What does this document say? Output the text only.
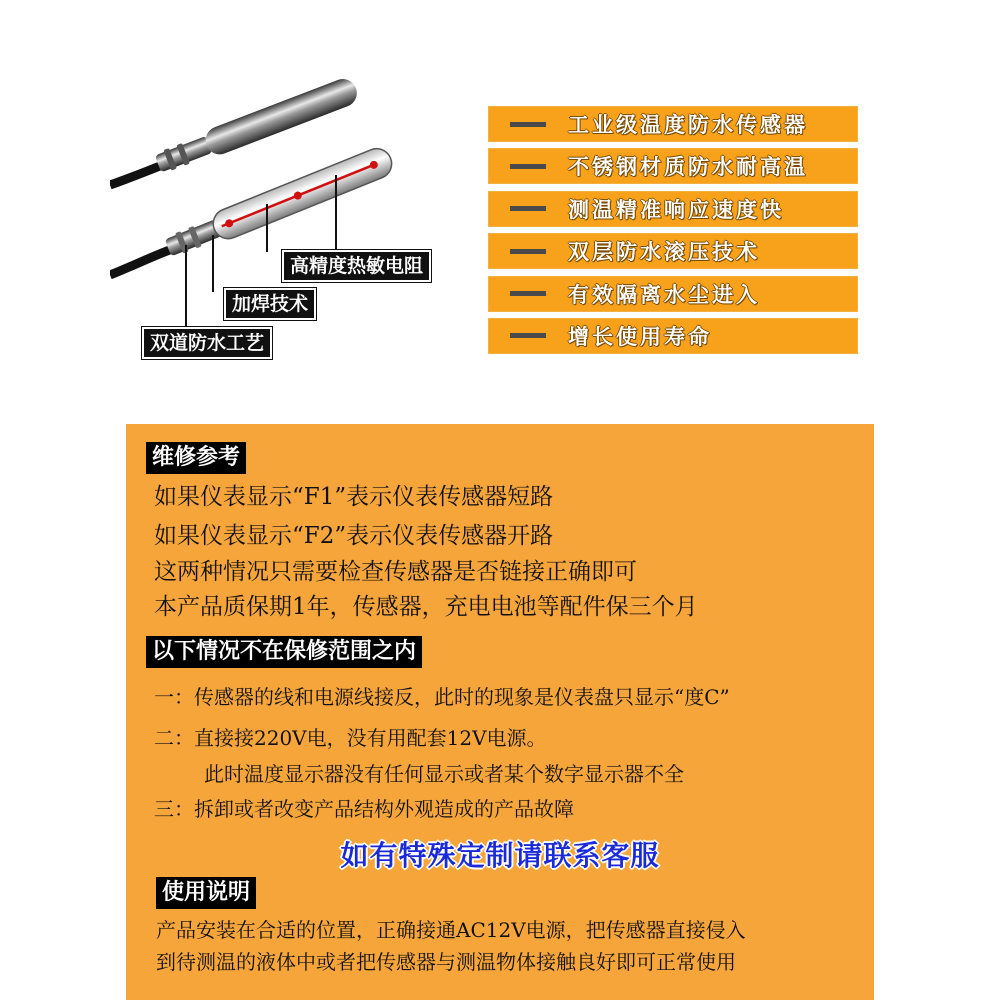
高精度热敏电阻
加焊技术
双道防水工艺
工业级温度防水传感器
不锈钢材质防水耐高温
测温精准响应速度快
双层防水滚压技术
有效隔离水尘进入
增长使用寿命
维修参考
如果仪表显示“F1”表示仪表传感器短路
如果仪表显示“F2”表示仪表传感器开路
这两种情况只需要检查传感器是否链接正确即可
本产品质保期1年，传感器，充电电池等配件保三个月
以下情况不在保修范围之内
一：传感器的线和电源线接反，此时的现象是仪表盘只显示“度C”
二：直接接220V电，没有用配套12V电源。
此时温度显示器没有任何显示或者某个数字显示器不全
三：拆卸或者改变产品结构外观造成的产品故障
如有特殊定制请联系客服
使用说明
产品安装在合适的位置，正确接通AC12V电源，把传感器直接侵入
到待测温的液体中或者把传感器与测温物体接触良好即可正常使用
